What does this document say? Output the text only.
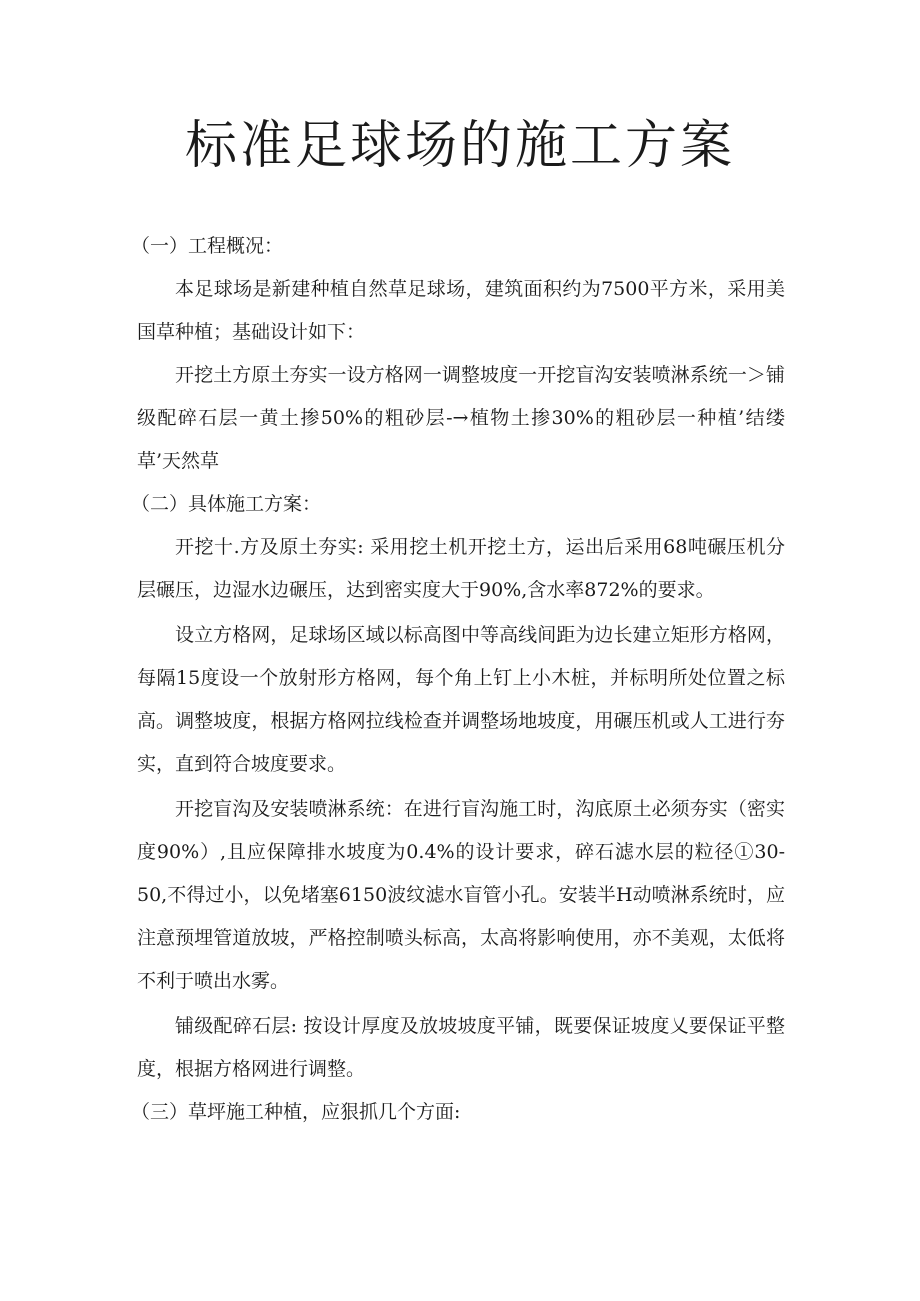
标准足球场的施工方案

（一）工程概况：

本足球场是新建种植自然草足球场，建筑面积约为7500平方米，采用美国草种植；基础设计如下：

开挖土方原土夯实一设方格网一调整坡度一开挖盲沟安装喷淋系统一＞铺级配碎石层一黄土掺50%的粗砂层-→植物土掺30%的粗砂层一种植’结缕草’天然草

（二）具体施工方案：

开挖十.方及原土夯实: 采用挖土机开挖土方，运出后采用68吨碾压机分层碾压，边湿水边碾压，达到密实度大于90%,含水率872%的要求。

设立方格网，足球场区域以标高图中等高线间距为边长建立矩形方格网，每隔15度设一个放射形方格网，每个角上钉上小木桩，并标明所处位置之标高。调整坡度，根据方格网拉线检查并调整场地坡度，用碾压机或人工进行夯实，直到符合坡度要求。

开挖盲沟及安装喷淋系统：在进行盲沟施工时，沟底原土必须夯实（密实度90%）,且应保障排水坡度为0.4%的设计要求，碎石滤水层的粒径①30-50,不得过小，以免堵塞6150波纹滤水盲管小孔。安装半H动喷淋系统时，应注意预埋管道放坡，严格控制喷头标高，太高将影响使用，亦不美观，太低将不利于喷出水雾。

铺级配碎石层: 按设计厚度及放坡坡度平铺，既要保证坡度乂要保证平整度，根据方格网进行调整。

（三）草坪施工种植，应狠抓几个方面:
